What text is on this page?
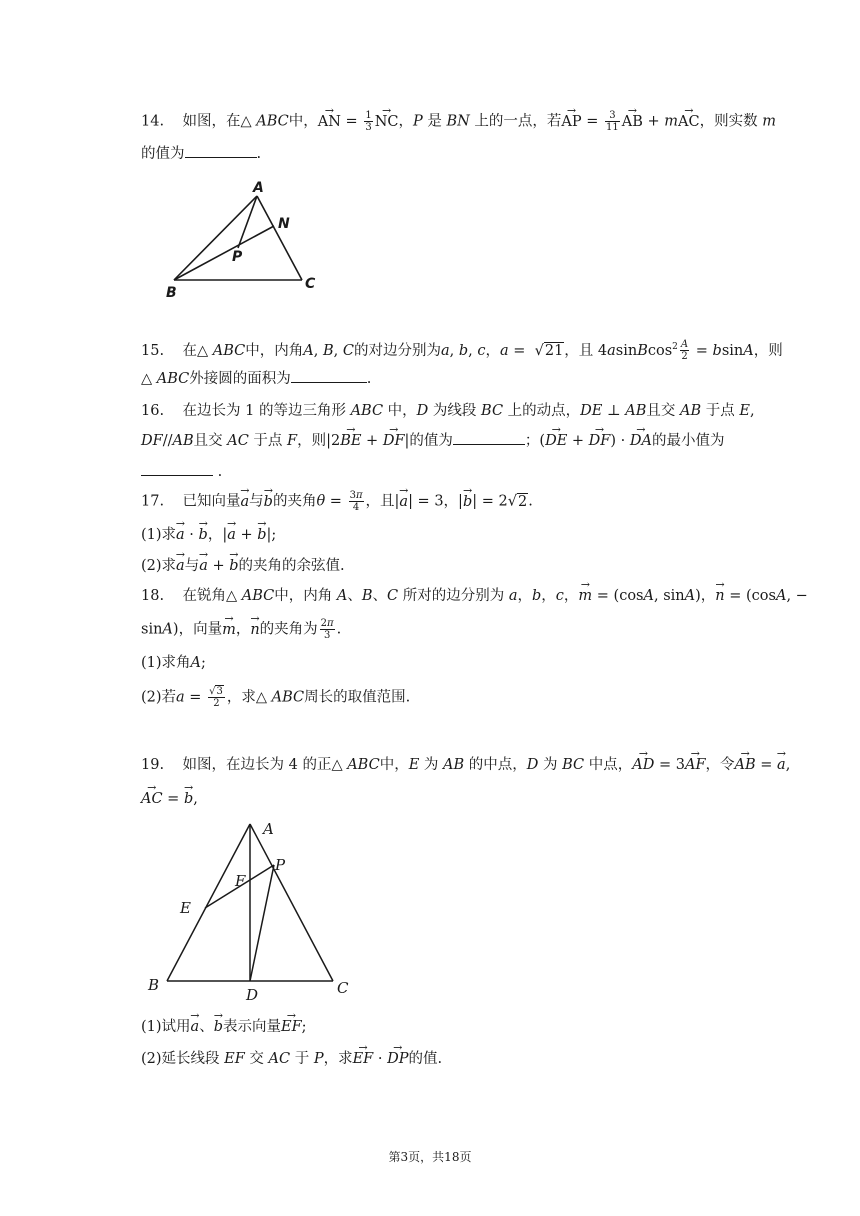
14.    如图，在△ ABC中，→ AN = $\frac{1}{3}$ → NC，P 是 BN 上的一点，若→ AP = $\frac{3}{11}$ → AB + m→ AC，则实数 m
的值为	.
A
N
P
B
C
15.    在△ ABC中，内角A, B, C的对边分别为a, b, c，a =  √21，且 4asinBcos$^2$ $\frac{A}{2} = bsinA$，则
△ ABC外接圆的面积为	.
16.    在边长为 1 的等边三角形 ABC 中，D 为线段 BC 上的动点，DE ⊥ AB且交 AB 于点 E,
DF//AB且交 AC 于点 F，则|2→ BE + → DF|的值为	；(→ DE + → DF) · → DA的最小值为
.
17.    已知向量→ a与→ b的夹角$\theta = \frac{3\pi}{4}$ ，且|→ a| = 3，|→ b| = 2√2.
(1)求→ a · → b，|→ a + → b|;
(2)求→ a与→ a + → b的夹角的余弦值.
18.    在锐角△ ABC中，内角 A、B、C 所对的边分别为 a，b，c，→ m = (cosA, sinA)，→ n = (cosA, −
sinA)，向量→ m，→ n的夹角为 $\frac{2\pi}{3}$ .
(1)求角A;
(2)若$a = \frac{√3}{2}$ ，求△ ABC周长的取值范围.
19.    如图，在边长为 4 的正△ ABC中，E 为 AB 的中点，D 为 BC 中点，→ AD = 3→ AF，令→ AB = → a,
→ AC = → b,
A
P
F
E
B
D	C
(1)试用→ a、→ b表示向量→ EF;
(2)延长线段 EF 交 AC 于 P，求→ EF · → DP的值.
第3页，共18页
